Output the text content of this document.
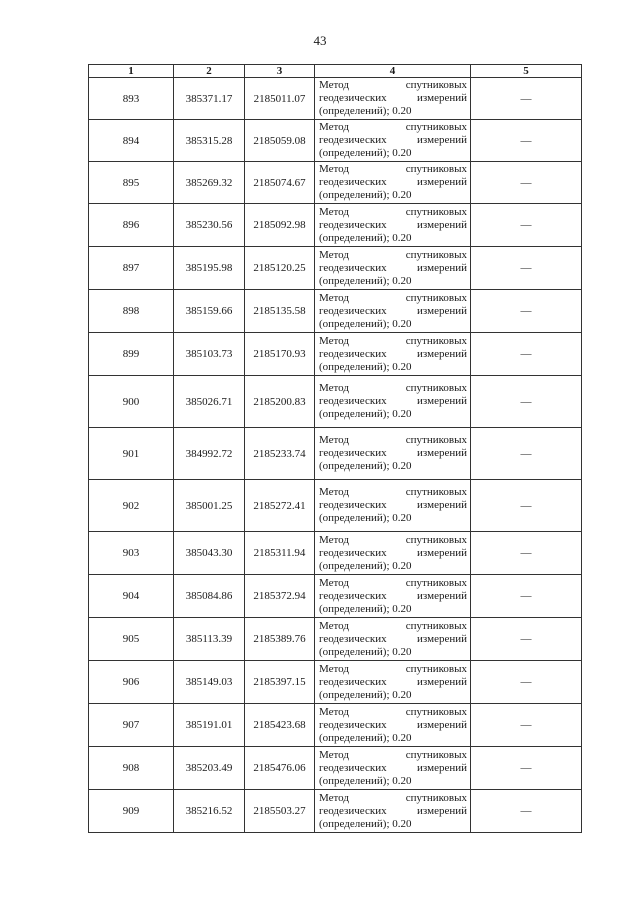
43
1	2	3	4	5
893	385371.17	2185011.07	Метод спутниковых
геодезических измерений
(определений); 0.20	—
894	385315.28	2185059.08	Метод спутниковых
геодезических измерений
(определений); 0.20	—
895	385269.32	2185074.67	Метод спутниковых
геодезических измерений
(определений); 0.20	—
896	385230.56	2185092.98	Метод спутниковых
геодезических измерений
(определений); 0.20	—
897	385195.98	2185120.25	Метод спутниковых
геодезических измерений
(определений); 0.20	—
898	385159.66	2185135.58	Метод спутниковых
геодезических измерений
(определений); 0.20	—
899	385103.73	2185170.93	Метод спутниковых
геодезических измерений
(определений); 0.20	—
900	385026.71	2185200.83	Метод спутниковых
геодезических измерений
(определений); 0.20	—
901	384992.72	2185233.74	Метод спутниковых
геодезических измерений
(определений); 0.20	—
902	385001.25	2185272.41	Метод спутниковых
геодезических измерений
(определений); 0.20	—
903	385043.30	2185311.94	Метод спутниковых
геодезических измерений
(определений); 0.20	—
904	385084.86	2185372.94	Метод спутниковых
геодезических измерений
(определений); 0.20	—
905	385113.39	2185389.76	Метод спутниковых
геодезических измерений
(определений); 0.20	—
906	385149.03	2185397.15	Метод спутниковых
геодезических измерений
(определений); 0.20	—
907	385191.01	2185423.68	Метод спутниковых
геодезических измерений
(определений); 0.20	—
908	385203.49	2185476.06	Метод спутниковых
геодезических измерений
(определений); 0.20	—
909	385216.52	2185503.27	Метод спутниковых
геодезических измерений
(определений); 0.20	—
